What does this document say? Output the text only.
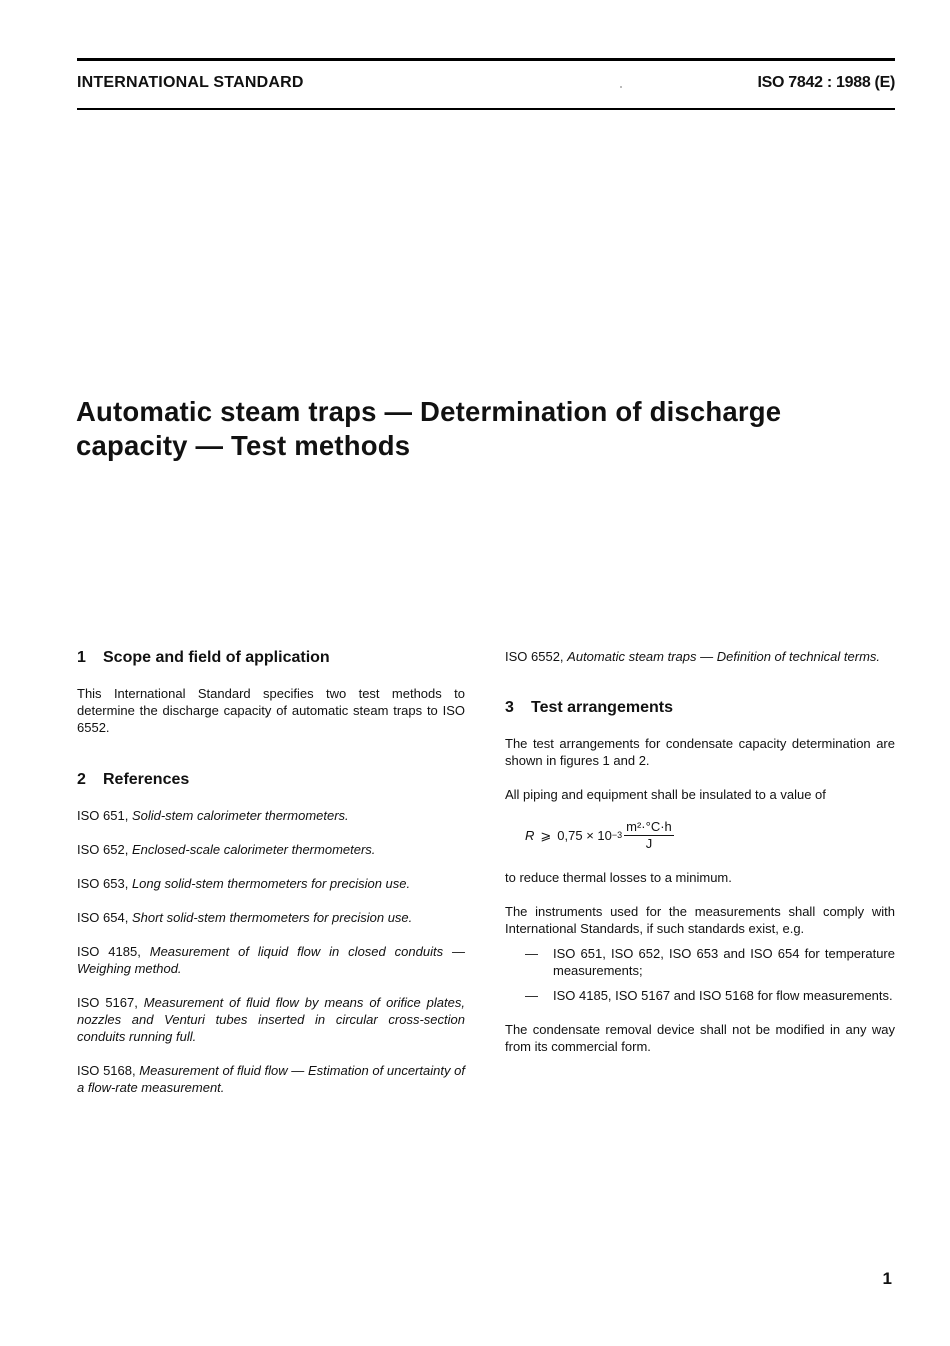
INTERNATIONAL STANDARD	ISO 7842 : 1988 (E)
Automatic steam traps — Determination of discharge
capacity — Test methods
1 Scope and field of application

This International Standard specifies two test methods to determine the discharge capacity of automatic steam traps to ISO 6552.

2 References

ISO 651, Solid-stem calorimeter thermometers.

ISO 652, Enclosed-scale calorimeter thermometers.

ISO 653, Long solid-stem thermometers for precision use.

ISO 654, Short solid-stem thermometers for precision use.

ISO 4185, Measurement of liquid flow in closed conduits — Weighing method.

ISO 5167, Measurement of fluid flow by means of orifice plates, nozzles and Venturi tubes inserted in circular cross-section conduits running full.

ISO 5168, Measurement of fluid flow — Estimation of uncertainty of a flow-rate measurement.

ISO 6552, Automatic steam traps — Definition of technical terms.

3 Test arrangements

The test arrangements for condensate capacity determination are shown in figures 1 and 2.

All piping and equipment shall be insulated to a value of

R ⩾ $0,75 \times 10 -3 \frac{\text{m²·°C·h}}{J}$

to reduce thermal losses to a minimum.

The instruments used for the measurements shall comply with International Standards, if such standards exist, e.g.

—	ISO 651, ISO 652, ISO 653 and ISO 654 for temperature measurements;
—	ISO 4185, ISO 5167 and ISO 5168 for flow measurements.

The condensate removal device shall not be modified in any way from its commercial form.

1
